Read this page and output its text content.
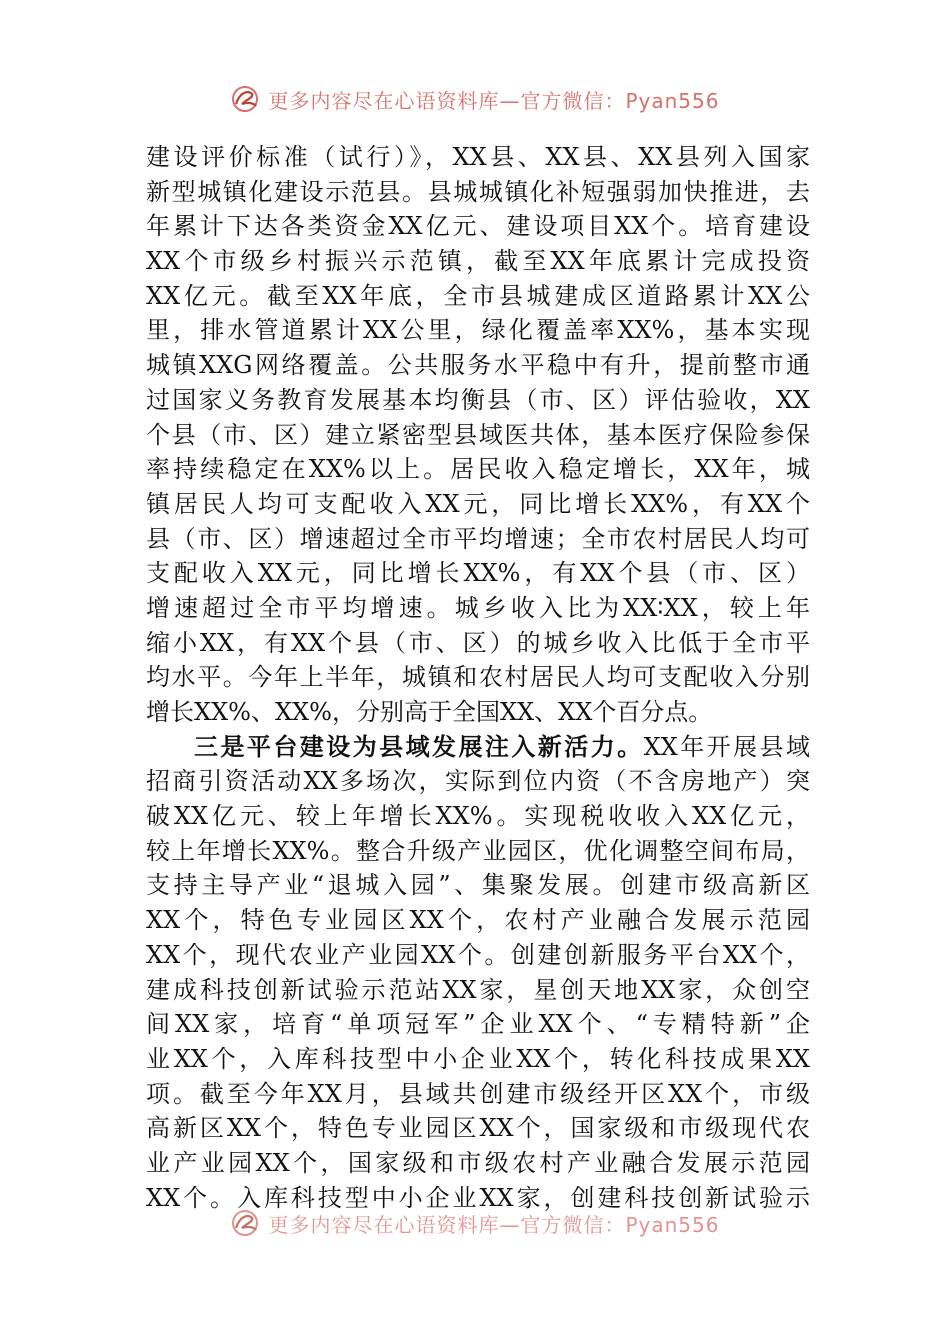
更多内容尽在心语资料库—官方微信：Pyan556
建设评价标准（试行）》，XX县、XX县、XX县列入国家
新型城镇化建设示范县。县城城镇化补短强弱加快推进，去
年累计下达各类资金XX亿元、建设项目XX个。培育建设
XX个市级乡村振兴示范镇，截至XX年底累计完成投资
XX亿元。截至XX年底，全市县城建成区道路累计XX公
里，排水管道累计XX公里，绿化覆盖率XX%，基本实现
城镇XXG网络覆盖。公共服务水平稳中有升，提前整市通
过国家义务教育发展基本均衡县（市、区）评估验收，XX
个县（市、区）建立紧密型县域医共体，基本医疗保险参保
率持续稳定在XX%以上。居民收入稳定增长，XX年，城
镇居民人均可支配收入XX元，同比增长XX%，有XX个
县（市、区）增速超过全市平均增速；全市农村居民人均可
支配收入XX元，同比增长XX%，有XX个县（市、区）
增速超过全市平均增速。城乡收入比为XX∶XX，较上年
缩小XX，有XX个县（市、区）的城乡收入比低于全市平
均水平。今年上半年，城镇和农村居民人均可支配收入分别
增长XX%、XX%，分别高于全国XX、XX个百分点。
三是平台建设为县域发展注入新活力。XX年开展县域
招商引资活动XX多场次，实际到位内资（不含房地产）突
破XX亿元、较上年增长XX%。实现税收收入XX亿元，
较上年增长XX%。整合升级产业园区，优化调整空间布局，
支持主导产业“退城入园”、集聚发展。创建市级高新区
XX个，特色专业园区XX个，农村产业融合发展示范园
XX个，现代农业产业园XX个。创建创新服务平台XX个，
建成科技创新试验示范站XX家，星创天地XX家，众创空
间XX家，培育“单项冠军”企业XX个、“专精特新”企
业XX个，入库科技型中小企业XX个，转化科技成果XX
项。截至今年XX月，县域共创建市级经开区XX个，市级
高新区XX个，特色专业园区XX个，国家级和市级现代农
业产业园XX个，国家级和市级农村产业融合发展示范园
XX个。入库科技型中小企业XX家，创建科技创新试验示
更多内容尽在心语资料库—官方微信：Pyan556
